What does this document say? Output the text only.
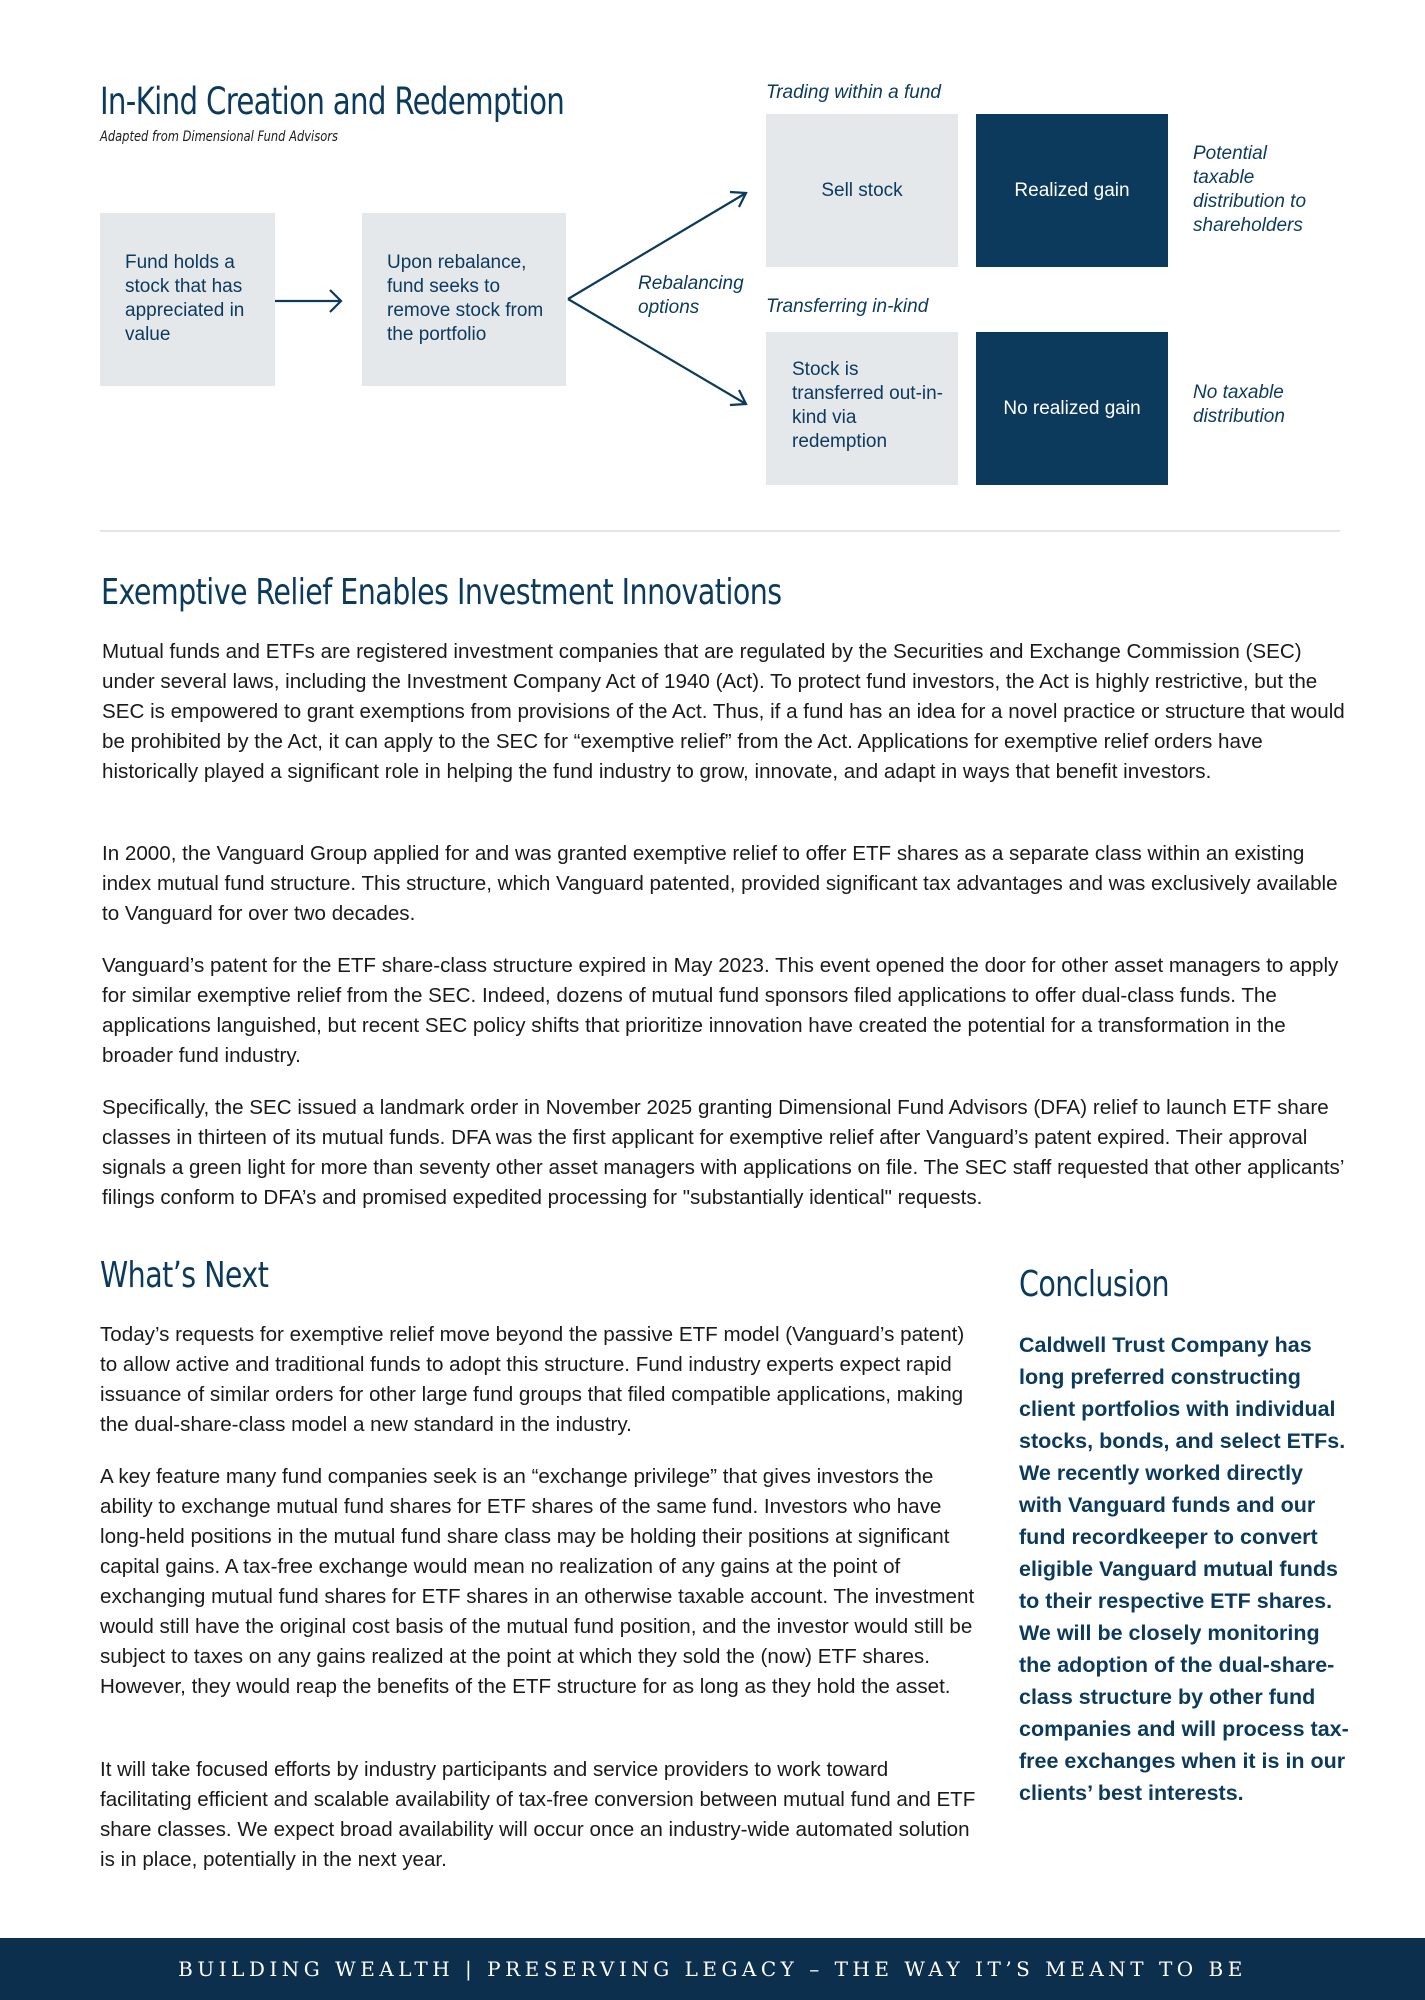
In-Kind Creation and Redemption
Adapted from Dimensional Fund Advisors
Fund holds a stock that has appreciated in value
Upon rebalance, fund seeks to remove stock from the portfolio
Rebalancing options
Trading within a fund
Sell stock	Realized gain
Potential taxable distribution to shareholders
Transferring in-kind
Stock is transferred out-in-kind via redemption
No realized gain
No taxable distribution
Exemptive Relief Enables Investment Innovations

Mutual funds and ETFs are registered investment companies that are regulated by the Securities and Exchange Commission (SEC) under several laws, including the Investment Company Act of 1940 (Act). To protect fund investors, the Act is highly restrictive, but the SEC is empowered to grant exemptions from provisions of the Act. Thus, if a fund has an idea for a novel practice or structure that would be prohibited by the Act, it can apply to the SEC for “exemptive relief” from the Act. Applications for exemptive relief orders have historically played a significant role in helping the fund industry to grow, innovate, and adapt in ways that benefit investors.

In 2000, the Vanguard Group applied for and was granted exemptive relief to offer ETF shares as a separate class within an existing index mutual fund structure. This structure, which Vanguard patented, provided significant tax advantages and was exclusively available to Vanguard for over two decades.

Vanguard’s patent for the ETF share-class structure expired in May 2023. This event opened the door for other asset managers to apply for similar exemptive relief from the SEC. Indeed, dozens of mutual fund sponsors filed applications to offer dual-class funds. The applications languished, but recent SEC policy shifts that prioritize innovation have created the potential for a transformation in the broader fund industry.

Specifically, the SEC issued a landmark order in November 2025 granting Dimensional Fund Advisors (DFA) relief to launch ETF share classes in thirteen of its mutual funds. DFA was the first applicant for exemptive relief after Vanguard’s patent expired. Their approval signals a green light for more than seventy other asset managers with applications on file. The SEC staff requested that other applicants’ filings conform to DFA’s and promised expedited processing for "substantially identical" requests.

What’s Next

Today’s requests for exemptive relief move beyond the passive ETF model (Vanguard’s patent) to allow active and traditional funds to adopt this structure. Fund industry experts expect rapid issuance of similar orders for other large fund groups that filed compatible applications, making the dual-share-class model a new standard in the industry.

A key feature many fund companies seek is an “exchange privilege” that gives investors the ability to exchange mutual fund shares for ETF shares of the same fund. Investors who have long-held positions in the mutual fund share class may be holding their positions at significant capital gains. A tax-free exchange would mean no realization of any gains at the point of exchanging mutual fund shares for ETF shares in an otherwise taxable account. The investment would still have the original cost basis of the mutual fund position, and the investor would still be subject to taxes on any gains realized at the point at which they sold the (now) ETF shares. However, they would reap the benefits of the ETF structure for as long as they hold the asset.

It will take focused efforts by industry participants and service providers to work toward facilitating efficient and scalable availability of tax-free conversion between mutual fund and ETF share classes. We expect broad availability will occur once an industry-wide automated solution is in place, potentially in the next year.

Conclusion

Caldwell Trust Company has long preferred constructing client portfolios with individual stocks, bonds, and select ETFs. We recently worked directly with Vanguard funds and our fund recordkeeper to convert eligible Vanguard mutual funds to their respective ETF shares. We will be closely monitoring the adoption of the dual-share-class structure by other fund companies and will process tax-free exchanges when it is in our clients’ best interests.

BUILDING WEALTH | PRESERVING LEGACY – THE WAY IT’S MEANT TO BE
